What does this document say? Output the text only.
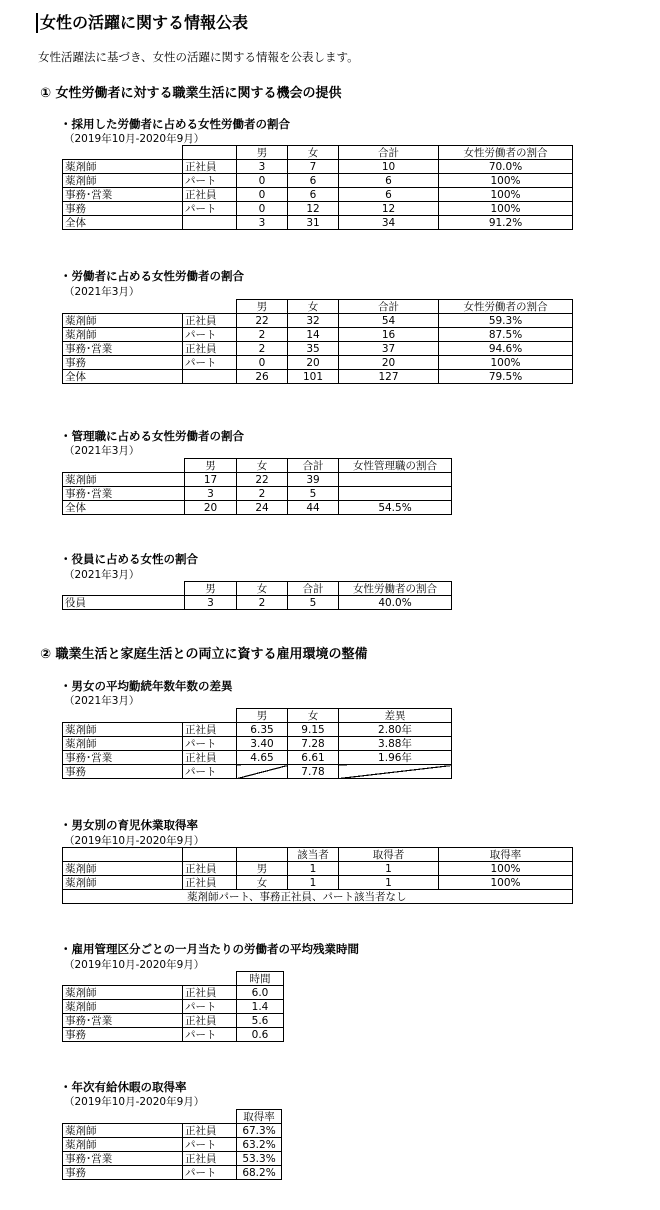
女性の活躍に関する情報公表
女性活躍法に基づき、女性の活躍に関する情報を公表します。
① 女性労働者に対する職業生活に関する機会の提供
・採用した労働者に占める女性労働者の割合
（2019年10月-2020年9月）
		男	女	合計	女性労働者の割合
薬剤師	正社員	3	7	10	70.0%
薬剤師	パート	0	6	6	100%
事務･営業	正社員	0	6	6	100%
事務	パート	0	12	12	100%
全体		3	31	34	91.2%
・労働者に占める女性労働者の割合
（2021年3月）
		男	女	合計	女性労働者の割合
薬剤師	正社員	22	32	54	59.3%
薬剤師	パート	2	14	16	87.5%
事務･営業	正社員	2	35	37	94.6%
事務	パート	0	20	20	100%
全体		26	101	127	79.5%
・管理職に占める女性労働者の割合
（2021年3月）
	男	女	合計	女性管理職の割合
薬剤師	17	22	39	
事務･営業	3	2	5	
全体	20	24	44	54.5%
・役員に占める女性の割合
（2021年3月）
	男	女	合計	女性労働者の割合
役員	3	2	5	40.0%
② 職業生活と家庭生活との両立に資する雇用環境の整備
・男女の平均勤続年数年数の差異
（2021年3月）
		男	女	差異
薬剤師	正社員	6.35	9.15	2.80年
薬剤師	パート	3.40	7.28	3.88年
事務･営業	正社員	4.65	6.61	1.96年
事務	パート		7.78	
・男女別の育児休業取得率
（2019年10月-2020年9月）
			該当者	取得者	取得率
薬剤師	正社員	男	1	1	100%
薬剤師	正社員	女	1	1	100%
薬剤師パート、事務正社員、パート該当者なし					
・雇用管理区分ごとの一月当たりの労働者の平均残業時間
（2019年10月-2020年9月）
		時間
薬剤師	正社員	6.0
薬剤師	パート	1.4
事務･営業	正社員	5.6
事務	パート	0.6
・年次有給休暇の取得率
（2019年10月-2020年9月）
		取得率
薬剤師	正社員	67.3%
薬剤師	パート	63.2%
事務･営業	正社員	53.3%
事務	パート	68.2%
